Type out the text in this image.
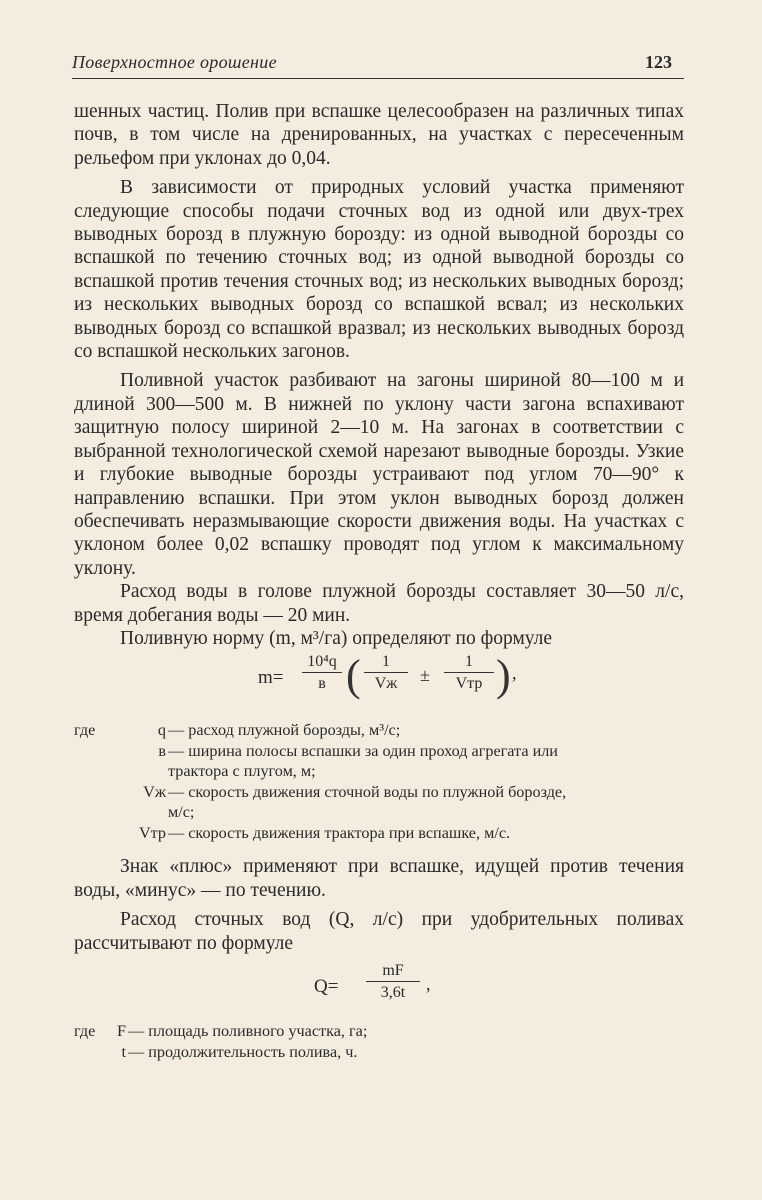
Поверхностное орошение	123

шенных частиц. Полив при вспашке целесообразен на различных типах почв, в том числе на дренированных, на участках с пересеченным рельефом при уклонах до 0,04.

В зависимости от природных условий участка применяют следующие способы подачи сточных вод из одной или двух-трех выводных борозд в плужную борозду: из одной выводной борозды со вспашкой по течению сточных вод; из одной выводной борозды со вспашкой против течения сточных вод; из нескольких выводных борозд; из нескольких выводных борозд со вспашкой всвал; из нескольких выводных борозд со вспашкой вразвал; из нескольких выводных борозд со вспашкой нескольких загонов.

Поливной участок разбивают на загоны шириной 80—100 м и длиной 300—500 м. В нижней по уклону части загона вспахивают защитную полосу шириной 2—10 м. На загонах в соответствии с выбранной технологической схемой нарезают выводные борозды. Узкие и глубокие выводные борозды устраивают под углом 70—90° к направлению вспашки. При этом уклон выводных борозд должен обеспечивать неразмывающие скорости движения воды. На участках с уклоном более 0,02 вспашку проводят под углом к максимальному уклону.

Расход воды в голове плужной борозды составляет 30—50 л/с, время добегания воды — 20 мин.

Поливную норму (m, м³/га) определяют по формуле

m=
10⁴q
в (	1
Vж	±
1
Vтр ) ,
где	q — расход плужной борозды, м³/с;
в — ширина полосы вспашки за один проход агрегата или
трактора с плугом, м;
Vж — скорость движения сточной воды по плужной борозде,
м/с;
Vтр — скорость движения трактора при вспашке, м/с.

Знак «плюс» применяют при вспашке, идущей против течения воды, «минус» — по течению.

Расход сточных вод (Q, л/с) при удобрительных поливах рассчитывают по формуле

Q=
mF
3,6t	,
где	F — площадь поливного участка, га;
t — продолжительность полива, ч.
